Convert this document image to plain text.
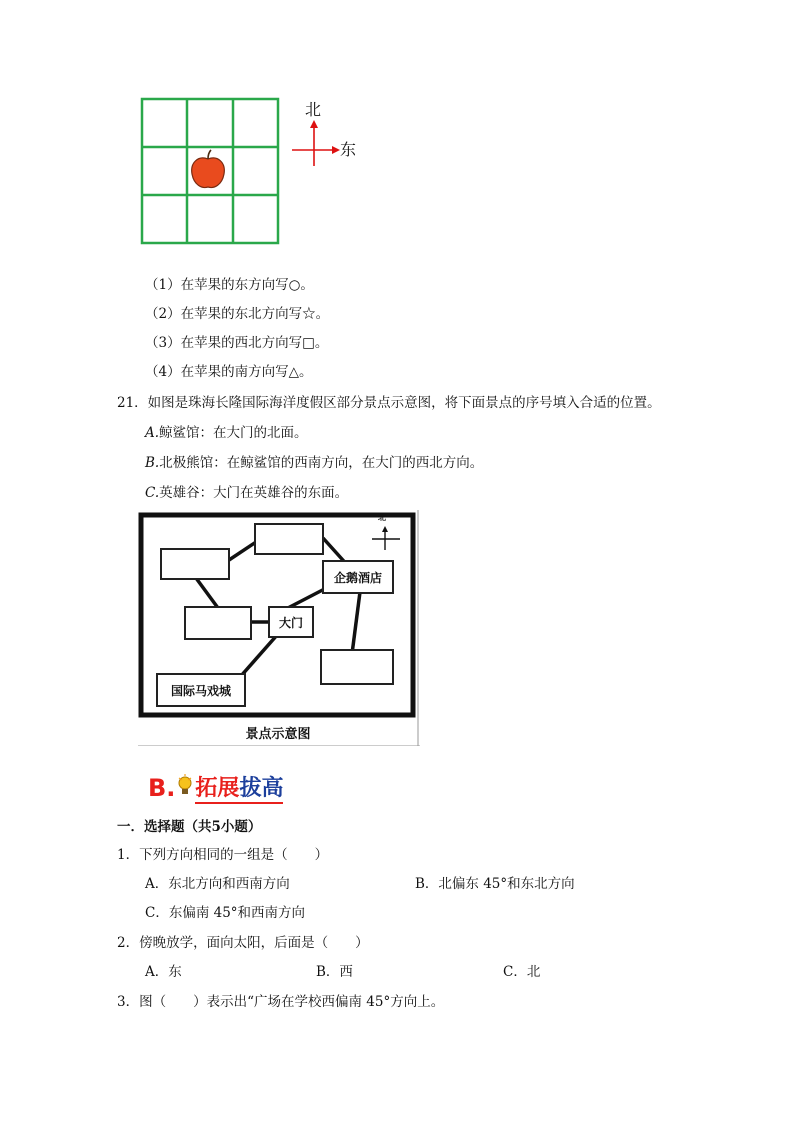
北
东
（1）在苹果的东方向写○。
（2）在苹果的东北方向写☆。
（3）在苹果的西北方向写□。
（4）在苹果的南方向写△。
21．如图是珠海长隆国际海洋度假区部分景点示意图，将下面景点的序号填入合适的位置。
A.鲸鲨馆：在大门的北面。
B.北极熊馆：在鲸鲨馆的西南方向，在大门的西北方向。
C.英雄谷：大门在英雄谷的东面。
北
企鹅酒店
大门
国际马戏城
景点示意图
B. 拓展拔高
一．选择题（共5小题）
1．下列方向相同的一组是（　　）
A．东北方向和西南方向	B．北偏东 45°和东北方向
C．东偏南 45°和西南方向
2．傍晚放学，面向太阳，后面是（　　）
A．东	B．西	C．北
3．图（　　）表示出“广场在学校西偏南 45°方向上。
